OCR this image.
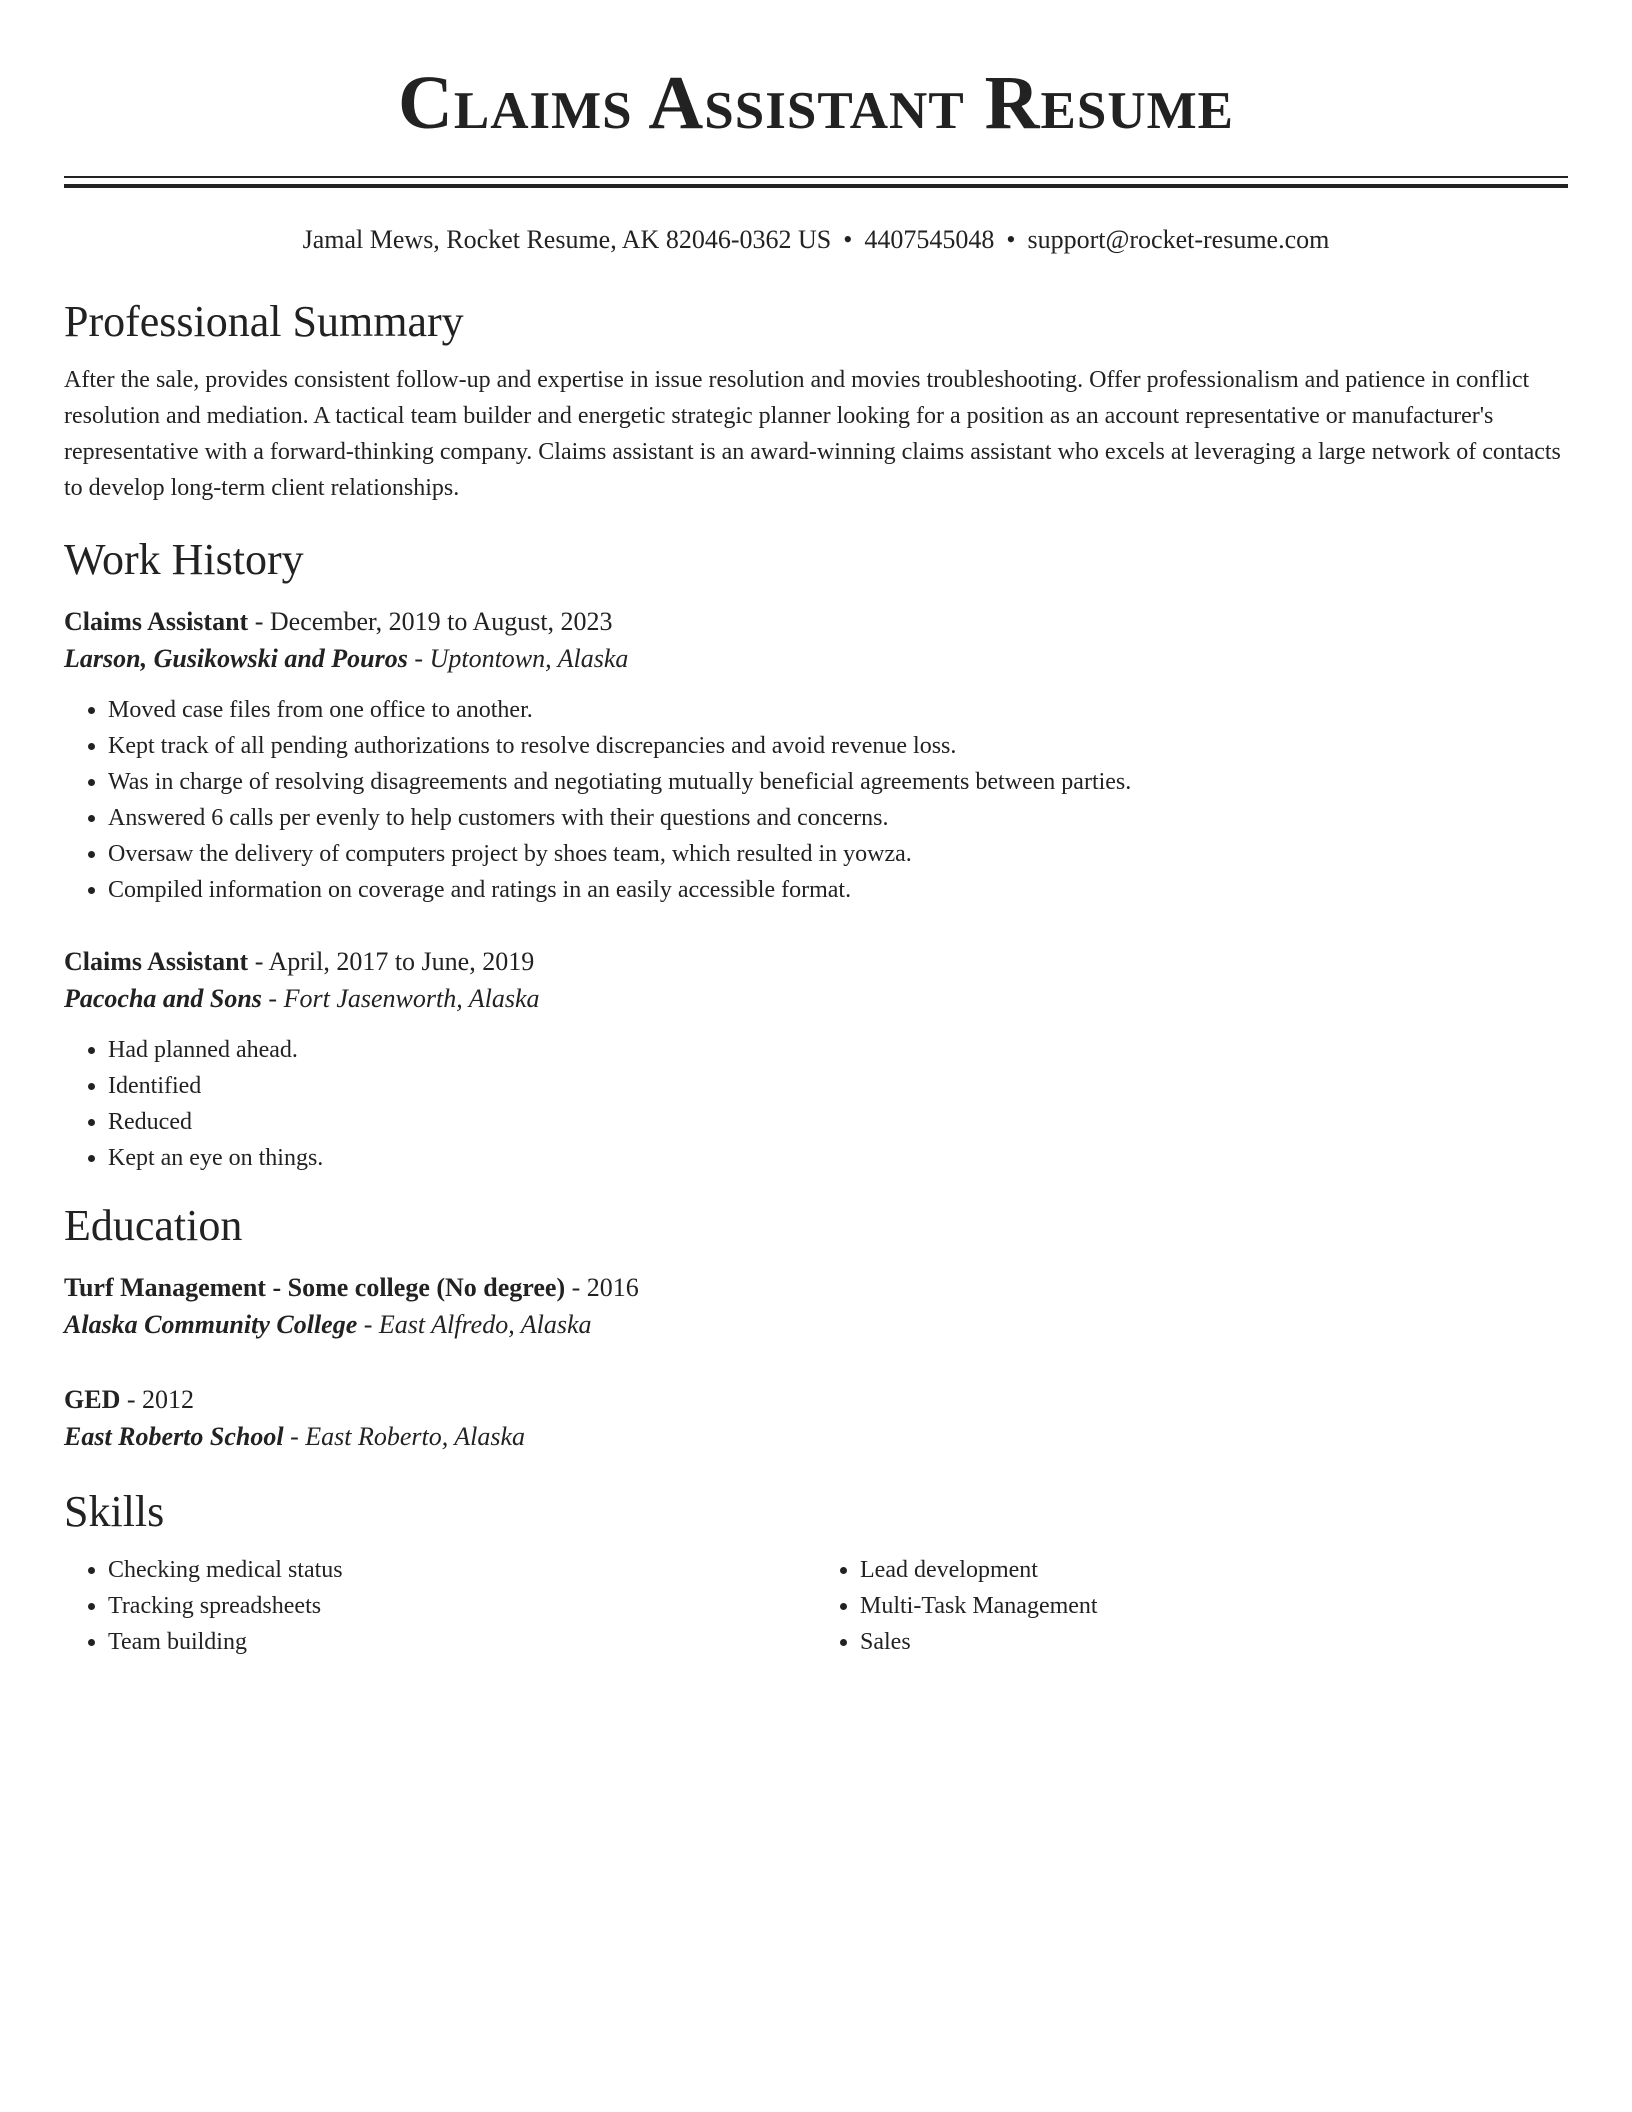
Claims Assistant Resume
Jamal Mews, Rocket Resume, AK 82046-0362 US • 4407545048 • support@rocket-resume.com
Professional Summary

After the sale, provides consistent follow-up and expertise in issue resolution and movies troubleshooting. Offer professionalism and patience in conflict resolution and mediation. A tactical team builder and energetic strategic planner looking for a position as an account representative or manufacturer's representative with a forward-thinking company. Claims assistant is an award-winning claims assistant who excels at leveraging a large network of contacts to develop long-term client relationships.

Work History
Claims Assistant - December, 2019 to August, 2023
Larson, Gusikowski and Pouros - Uptontown, Alaska
• Moved case files from one office to another.
• Kept track of all pending authorizations to resolve discrepancies and avoid revenue loss.
• Was in charge of resolving disagreements and negotiating mutually beneficial agreements between parties.
• Answered 6 calls per evenly to help customers with their questions and concerns.
• Oversaw the delivery of computers project by shoes team, which resulted in yowza.
• Compiled information on coverage and ratings in an easily accessible format.
Claims Assistant - April, 2017 to June, 2019
Pacocha and Sons - Fort Jasenworth, Alaska
• Had planned ahead.
• Identified
• Reduced
• Kept an eye on things.
Education
Turf Management - Some college (No degree) - 2016
Alaska Community College - East Alfredo, Alaska
GED - 2012
East Roberto School - East Roberto, Alaska
Skills
• Checking medical status
• Tracking spreadsheets
• Team building
• Lead development
• Multi-Task Management
• Sales
